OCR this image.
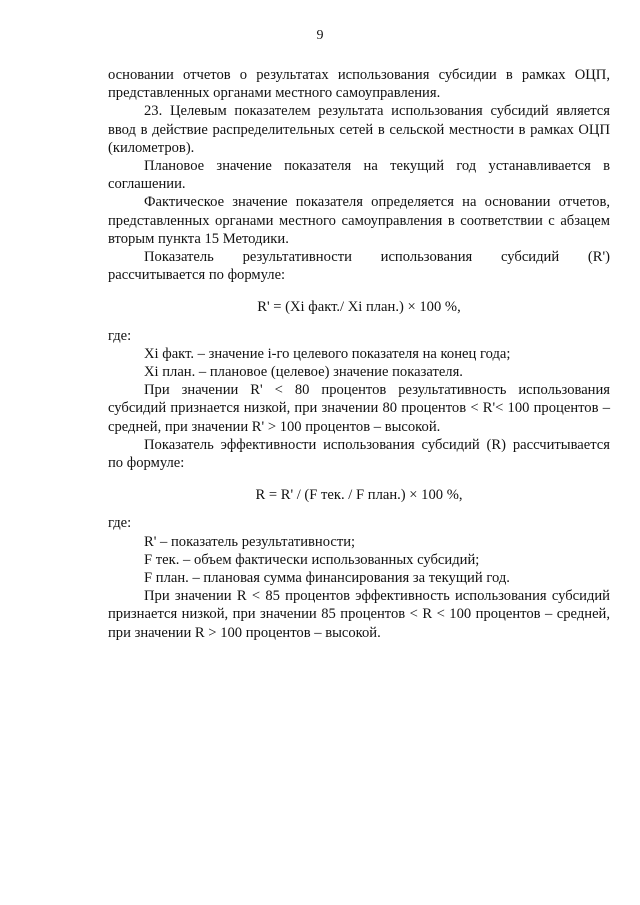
9

основании отчетов о результатах использования субсидии в рамках ОЦП, представленных органами местного самоуправления.

23. Целевым показателем результата использования субсидий является ввод в действие распределительных сетей в сельской местности в рамках ОЦП (километров).

Плановое значение показателя на текущий год устанавливается в соглашении.

Фактическое значение показателя определяется на основании отчетов, представленных органами местного самоуправления в соответствии с абзацем вторым пункта 15 Методики.

Показатель результативности использования субсидий (R') рассчитывается по формуле:

R' = (Xi факт./ Xi план.) × 100 %,

где:

Xi факт. – значение i-го целевого показателя на конец года;

Xi план. – плановое (целевое) значение показателя.

При значении R' < 80 процентов результативность использования субсидий признается низкой, при значении 80 процентов < R'< 100 процентов – средней, при значении R' > 100 процентов – высокой.

Показатель эффективности использования субсидий (R) рассчитывается по формуле:

R = R' / (F тек. / F план.) × 100 %,

где:

R' – показатель результативности;

F тек. – объем фактически использованных субсидий;

F план. – плановая сумма финансирования за текущий год.

При значении R < 85 процентов эффективность использования субсидий признается низкой, при значении 85 процентов < R < 100 процентов – средней, при значении R > 100 процентов – высокой.
